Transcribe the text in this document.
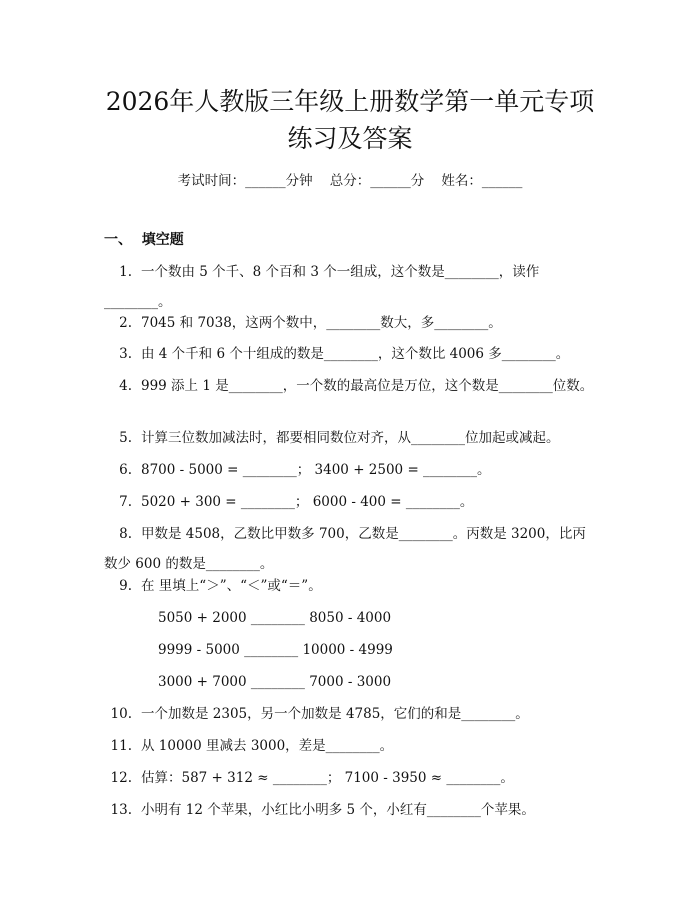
2026年人教版三年级上册数学第一单元专项
练习及答案
考试时间：______分钟    总分：______分    姓名：______
一、  填空题
1. 一个数由 5 个千、8 个百和 3 个一组成，这个数是________，读作________。
2. 7045 和 7038，这两个数中，________数大，多________。
3. 由 4 个千和 6 个十组成的数是________，这个数比 4006 多________。
4. 999 添上 1 是________，一个数的最高位是万位，这个数是________位数。
5. 计算三位数加减法时，都要相同数位对齐，从________位加起或减起。
6. 8700 - 5000 = ________； 3400 + 2500 = ________。
7. 5020 + 300 = ________； 6000 - 400 = ________。
8. 甲数是 4508，乙数比甲数多 700，乙数是________。丙数是 3200，比丙数少 600 的数是________。
9. 在 里填上“＞”、“＜”或“＝”。
5050 + 2000 ________ 8050 - 4000
9999 - 5000 ________ 10000 - 4999
3000 + 7000 ________ 7000 - 3000
10. 一个加数是 2305，另一个加数是 4785，它们的和是________。
11. 从 10000 里减去 3000，差是________。
12. 估算：587 + 312 ≈ ________； 7100 - 3950 ≈ ________。
13. 小明有 12 个苹果，小红比小明多 5 个，小红有________个苹果。
